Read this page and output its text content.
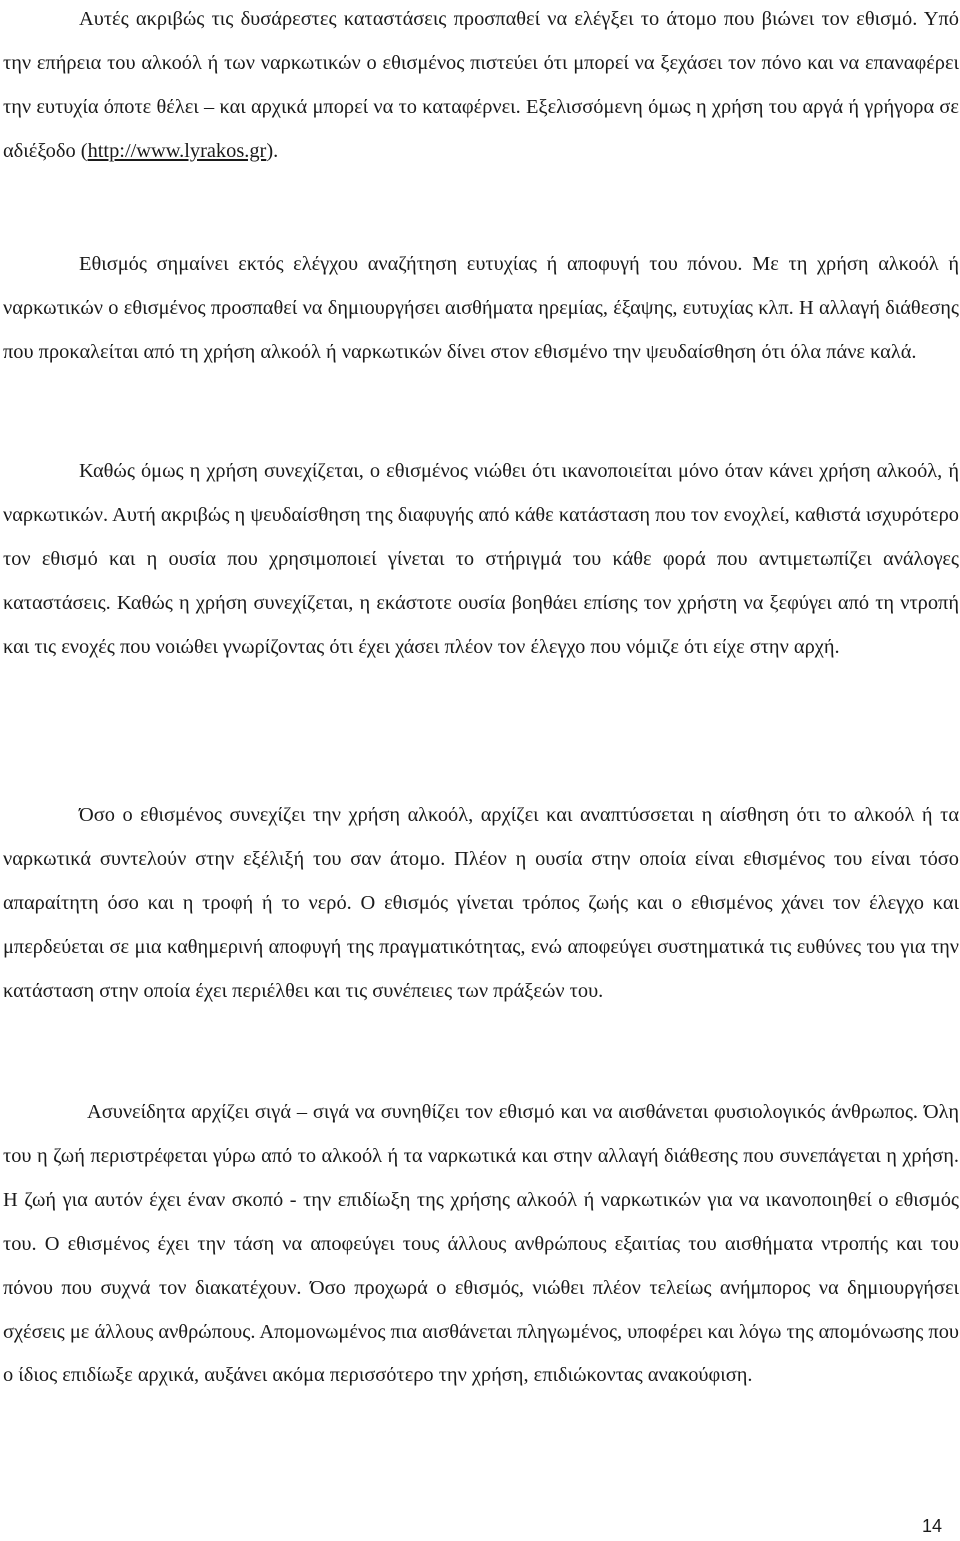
Αυτές ακριβώς τις δυσάρεστες καταστάσεις προσπαθεί να ελέγξει το άτομο που βιώνει τον εθισμό. Υπό την επήρεια του αλκοόλ ή των ναρκωτικών ο εθισμένος πιστεύει ότι μπορεί να ξεχάσει τον πόνο και να επαναφέρει την ευτυχία όποτε θέλει – και αρχικά μπορεί να το καταφέρνει. Εξελισσόμενη όμως η χρήση του αργά ή γρήγορα σε αδιέξοδο (http://www.lyrakos.gr).

Εθισμός σημαίνει εκτός ελέγχου αναζήτηση ευτυχίας ή αποφυγή του πόνου. Με τη χρήση αλκοόλ ή ναρκωτικών ο εθισμένος προσπαθεί να δημιουργήσει αισθήματα ηρεμίας, έξαψης, ευτυχίας κλπ. Η αλλαγή διάθεσης που προκαλείται από τη χρήση αλκοόλ ή ναρκωτικών δίνει στον εθισμένο την ψευδαίσθηση ότι όλα πάνε καλά.

Καθώς όμως η χρήση συνεχίζεται, ο εθισμένος νιώθει ότι ικανοποιείται μόνο όταν κάνει χρήση αλκοόλ, ή ναρκωτικών. Αυτή ακριβώς η ψευδαίσθηση της διαφυγής από κάθε κατάσταση που τον ενοχλεί, καθιστά ισχυρότερο τον εθισμό και η ουσία που χρησιμοποιεί γίνεται το στήριγμά του κάθε φορά που αντιμετωπίζει ανάλογες καταστάσεις. Καθώς η χρήση συνεχίζεται, η εκάστοτε ουσία βοηθάει επίσης τον χρήστη να ξεφύγει από τη ντροπή και τις ενοχές που νοιώθει γνωρίζοντας ότι έχει χάσει πλέον τον έλεγχο που νόμιζε ότι είχε στην αρχή.

Όσο ο εθισμένος συνεχίζει την χρήση αλκοόλ, αρχίζει και αναπτύσσεται η αίσθηση ότι το αλκοόλ ή τα ναρκωτικά συντελούν στην εξέλιξή του σαν άτομο. Πλέον η ουσία στην οποία είναι εθισμένος του είναι τόσο απαραίτητη όσο και η τροφή ή το νερό. Ο εθισμός γίνεται τρόπος ζωής και ο εθισμένος χάνει τον έλεγχο και μπερδεύεται σε μια καθημερινή αποφυγή της πραγματικότητας, ενώ αποφεύγει συστηματικά τις ευθύνες του για την κατάσταση στην οποία έχει περιέλθει και τις συνέπειες των πράξεών του.

Ασυνείδητα αρχίζει σιγά – σιγά να συνηθίζει τον εθισμό και να αισθάνεται φυσιολογικός άνθρωπος. Όλη του η ζωή περιστρέφεται γύρω από το αλκοόλ ή τα ναρκωτικά και στην αλλαγή διάθεσης που συνεπάγεται η χρήση. Η ζωή για αυτόν έχει έναν σκοπό - την επιδίωξη της χρήσης αλκοόλ ή ναρκωτικών για να ικανοποιηθεί ο εθισμός του. Ο εθισμένος έχει την τάση να αποφεύγει τους άλλους ανθρώπους εξαιτίας του αισθήματα ντροπής και του πόνου που συχνά τον διακατέχουν. Όσο προχωρά ο εθισμός, νιώθει πλέον τελείως ανήμπορος να δημιουργήσει σχέσεις με άλλους ανθρώπους. Απομονωμένος πια αισθάνεται πληγωμένος, υποφέρει και λόγω της απομόνωσης που ο ίδιος επιδίωξε αρχικά, αυξάνει ακόμα περισσότερο την χρήση, επιδιώκοντας ανακούφιση.

14
